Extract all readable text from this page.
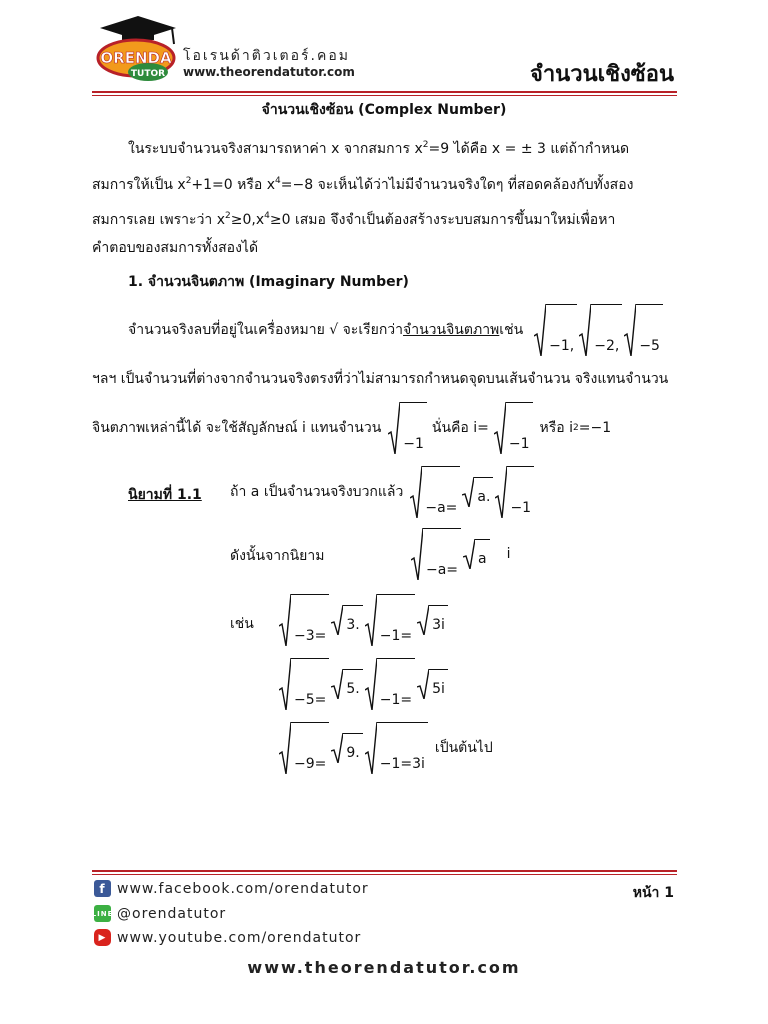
ORENDA
TUTOR
โอเรนด้าติวเตอร์.คอม
www.theorendatutor.com	จำนวนเชิงซ้อน
จำนวนเชิงซ้อน (Complex Number)
ในระบบจำนวนจริงสามารถหาค่า x จากสมการ $x^2=9$ ได้คือ x = ± 3 แต่ถ้ากำหนด
สมการให้เป็น $x^2+1=0$ หรือ $x^4=-8$ จะเห็นได้ว่าไม่มีจำนวนจริงใดๆ ที่สอดคล้องกับทั้งสอง
สมการเลย เพราะว่า $x^2\ge 0,x^4\ge 0$ เสมอ จึงจำเป็นต้องสร้างระบบสมการขึ้นมาใหม่เพื่อหา
คำตอบของสมการทั้งสองได้
1. จำนวนจินตภาพ (Imaginary Number)
จำนวนจริงลบที่อยู่ในเครื่องหมาย √ จะเรียกว่า จำนวนจินตภาพ เช่น
−1, −2, −5
ฯลฯ เป็นจำนวนที่ต่างจากจำนวนจริงตรงที่ว่าไม่สามารถกำหนดจุดบนเส้นจำนวน จริงแทนจำนวน
จินตภาพเหล่านี้ได้ จะใช้สัญลักษณ์ i แทนจำนวน
−1
นั่นคือ i=
−1
หรือ i 2 =−1
นิยามที่ 1.1 ถ้า a เป็นจำนวนจริงบวกแล้ว
−a=
a.
−1
ดังนั้นจากนิยาม
−a=
a i
เช่น
−3=
3.
−1=
3i
−5=
5.
−1=
5i
−9=
9.
−1=3i
เป็นต้นไป
f www.facebook.com/orendatutor
LINE @orendatutor
▶ www.youtube.com/orendatutor
หน้า 1
www.theorendatutor.com
